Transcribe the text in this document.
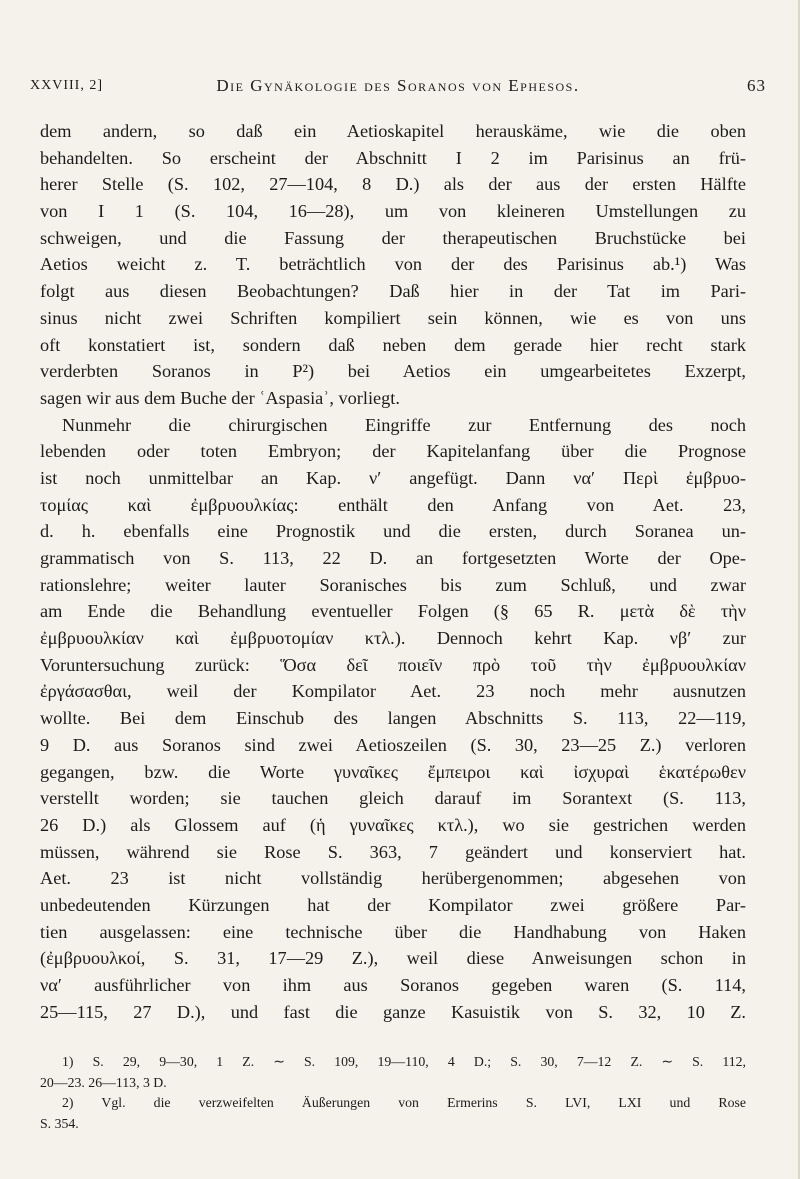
XXVIII, 2]	Die Gynäkologie des Soranos von Ephesos.	63
dem andern, so daß ein Aetioskapitel herauskäme, wie die oben
behandelten. So erscheint der Abschnitt I 2 im Parisinus an frü-
herer Stelle (S. 102, 27—104, 8 D.) als der aus der ersten Hälfte
von I 1 (S. 104, 16—28), um von kleineren Umstellungen zu
schweigen, und die Fassung der therapeutischen Bruchstücke bei
Aetios weicht z. T. beträchtlich von der des Parisinus ab.¹) Was
folgt aus diesen Beobachtungen? Daß hier in der Tat im Pari-
sinus nicht zwei Schriften kompiliert sein können, wie es von uns
oft konstatiert ist, sondern daß neben dem gerade hier recht stark
verderbten Soranos in P²) bei Aetios ein umgearbeitetes Exzerpt,
sagen wir aus dem Buche der ʿAspasiaʾ, vorliegt.
Nunmehr die chirurgischen Eingriffe zur Entfernung des noch
lebenden oder toten Embryon; der Kapitelanfang über die Prognose
ist noch unmittelbar an Kap. ν′ angefügt. Dann να′ Περὶ ἐμβρυο-
τομίας καὶ ἐμβρυουλκίας: enthält den Anfang von Aet. 23,
d. h. ebenfalls eine Prognostik und die ersten, durch Soranea un-
grammatisch von S. 113, 22 D. an fortgesetzten Worte der Ope-
rationslehre; weiter lauter Soranisches bis zum Schluß, und zwar
am Ende die Behandlung eventueller Folgen (§ 65 R. μετὰ δὲ τὴν
ἐμβρυουλκίαν καὶ ἐμβρυοτομίαν κτλ.). Dennoch kehrt Kap. νβ′ zur
Voruntersuchung zurück: Ὅσα δεῖ ποιεῖν πρὸ τοῦ τὴν ἐμβρυουλκίαν
ἐργάσασθαι, weil der Kompilator Aet. 23 noch mehr ausnutzen
wollte. Bei dem Einschub des langen Abschnitts S. 113, 22—119,
9 D. aus Soranos sind zwei Aetioszeilen (S. 30, 23—25 Z.) verloren
gegangen, bzw. die Worte γυναῖκες ἔμπειροι καὶ ἰσχυραὶ ἑκατέρωθεν
verstellt worden; sie tauchen gleich darauf im Sorantext (S. 113,
26 D.) als Glossem auf (ἡ γυναῖκες κτλ.), wo sie gestrichen werden
müssen, während sie Rose S. 363, 7 geändert und konserviert hat.
Aet. 23 ist nicht vollständig herübergenommen; abgesehen von
unbedeutenden Kürzungen hat der Kompilator zwei größere Par-
tien ausgelassen: eine technische über die Handhabung von Haken
(ἐμβρυουλκοί, S. 31, 17—29 Z.), weil diese Anweisungen schon in
να′ ausführlicher von ihm aus Soranos gegeben waren (S. 114,
25—115, 27 D.), und fast die ganze Kasuistik von S. 32, 10 Z.
1) S. 29, 9—30, 1 Z. ∼ S. 109, 19—110, 4 D.; S. 30, 7—12 Z. ∼ S. 112,
20—23. 26—113, 3 D.
2) Vgl. die verzweifelten Äußerungen von Ermerins S. LVI, LXI und Rose
S. 354.
